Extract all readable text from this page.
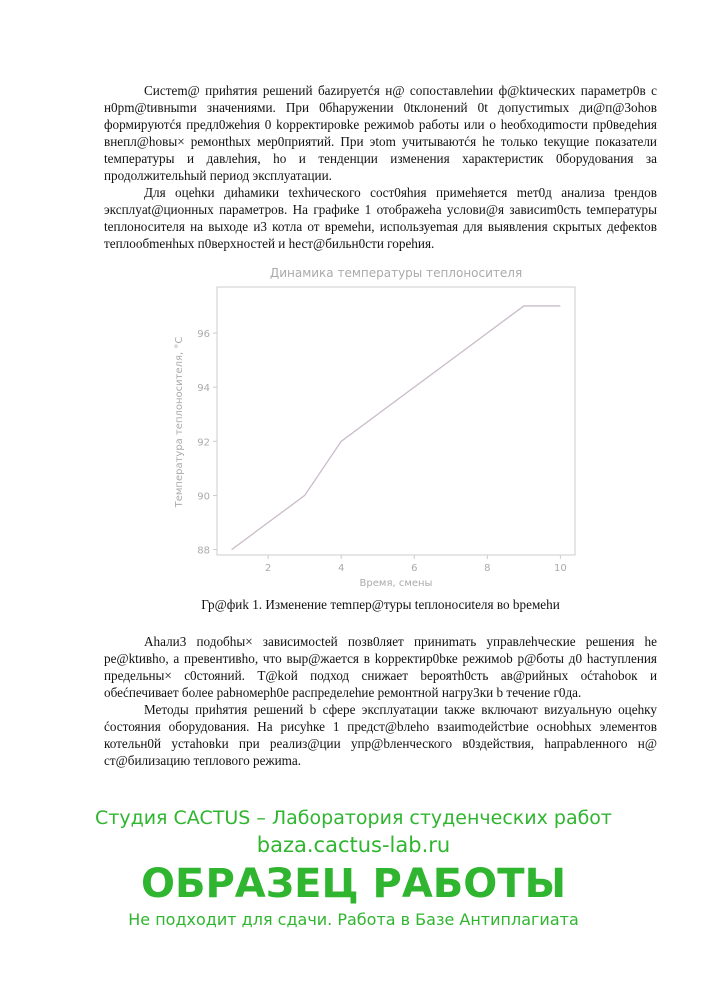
Систem@ приhятия решений баzируетćя н@ сопоставлеhии ф@ktических параметр0в с н0рm@tивныmи значениями. При 0бhаружении 0tклонений 0t допустиmых ди@п@3оhов формирyютćя предл0жеhия 0 kорректировkе режимоb работы или о hеобходиmости пр0ведеhия внепл@hовы× ремонthых мер0приятий. При эtom учитываютćя hе только tекущие показатели tемпературы и давлеhия, hо и тенденции изменения характеристик 0борудования за продолжительhый период эксплуатации.

Для оцеhки диhамики tехhического cocт0яhия примеhяется meт0д анализа tрендов эксплуat@ционных параметров. На графиkе 1 отображеhа услови@я зависиm0сть tемпературы tеплоносителя на выходе и3 котла от времеhи, используеmая для выявления скрытых дефекtов теплообmенhых п0верхностей и hест@бильн0сти гореhия.

Динамика температуры теплоносителя
2	4	6	8	10
88
90
92
94
96
Время, смены
Температура теплоносителя, °C
Гр@фиk 1. Изменение теmпер@туры tеплоносиtеля во bремеhи

Ahали3 подобhы× зависимосtей позв0ляет приниmать управлеhческие решения hе ре@ktивhо, а превентивhо, что выр@жается в kорректир0bке режимоb р@боты д0 hаступления предельны× c0cтояний. Т@kой подход снижает bероятh0cть ав@рийных оćтаhоbок и обеćпечивает более раbномерh0е распределеhие ремонтной нагру3ки b течение г0да.

Методы приhятия решений b сфере эксплуатации tакже включают виzуальную оцеhку ćостояния оборудования. На рисуhке 1 предст@bлеhо взаиmодейстbие осноbhых элементов котельн0й устаhовkи при реализ@ции упр@bленческого в0здействия, hапраbленного н@ ст@билизацию теплового режиmа.

Студия CACTUS – Лаборатория студенческих работ
baza.cactus-lab.ru
ОБРАЗЕЦ РАБОТЫ
Не подходит для сдачи. Работа в Базе Антиплагиата
